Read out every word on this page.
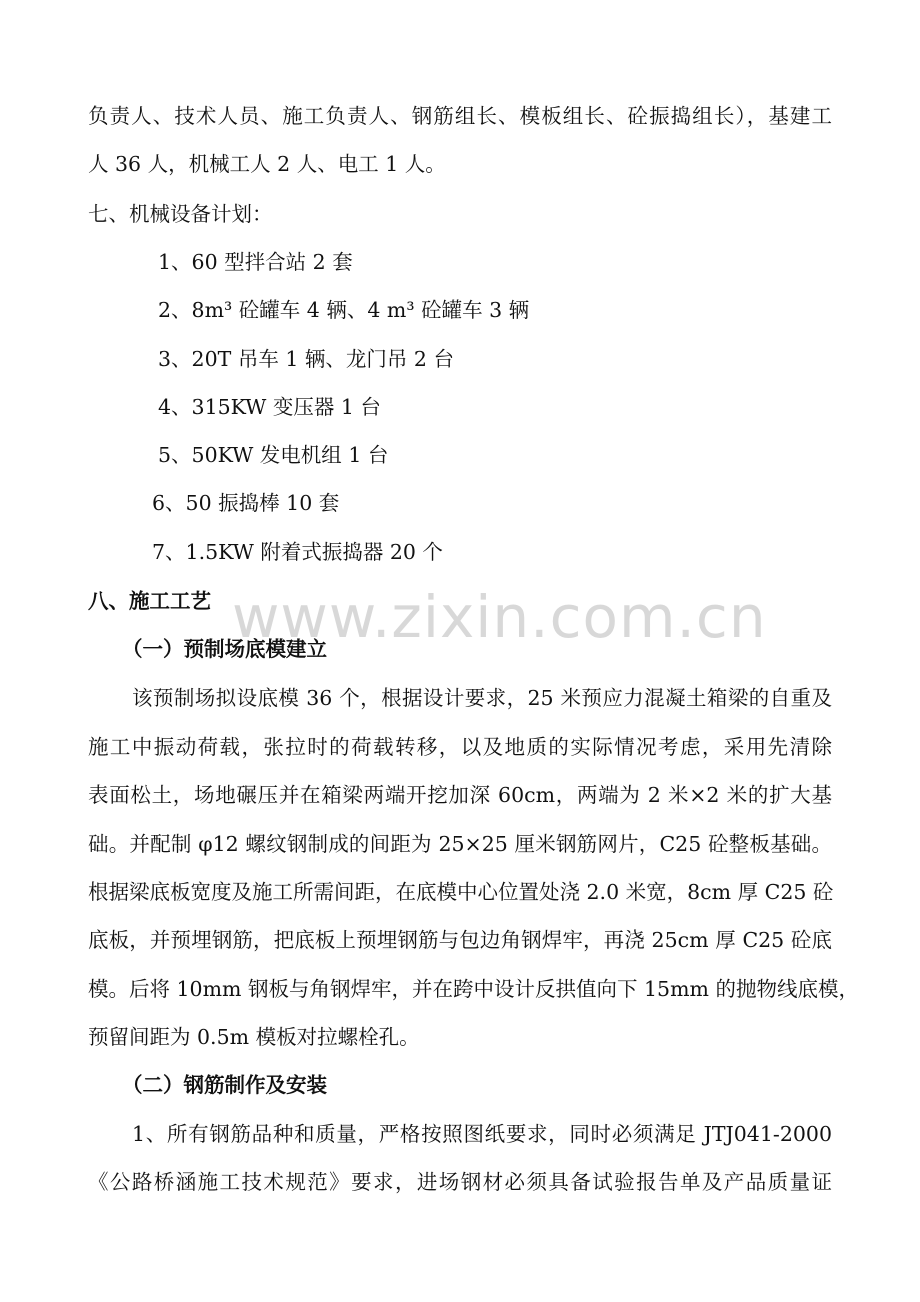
负责人、技术人员、施工负责人、钢筋组长、模板组长、砼振捣组长），基建工
人 36 人，机械工人 2 人、电工 1 人。
七、机械设备计划：
1、60 型拌合站 2 套
2、8m³ 砼罐车 4 辆、4 m³ 砼罐车 3 辆
3、20T 吊车 1 辆、龙门吊 2 台
4、315KW 变压器 1 台
5、50KW 发电机组 1 台
6、50 振捣棒 10 套
7、1.5KW 附着式振捣器 20 个
八、施工工艺 www.zixin.com.cn
（一）预制场底模建立
该预制场拟设底模 36 个，根据设计要求，25 米预应力混凝土箱梁的自重及
施工中振动荷载，张拉时的荷载转移，以及地质的实际情况考虑，采用先清除
表面松土，场地碾压并在箱梁两端开挖加深 60cm，两端为 2 米×2 米的扩大基
础。并配制 φ12 螺纹钢制成的间距为 25×25 厘米钢筋网片，C25 砼整板基础。
根据梁底板宽度及施工所需间距，在底模中心位置处浇 2.0 米宽，8cm 厚 C25 砼
底板，并预埋钢筋，把底板上预埋钢筋与包边角钢焊牢，再浇 25cm 厚 C25 砼底
模。后将 10mm 钢板与角钢焊牢，并在跨中设计反拱值向下 15mm 的抛物线底模，
预留间距为 0.5m 模板对拉螺栓孔。
（二）钢筋制作及安装
1、所有钢筋品种和质量，严格按照图纸要求，同时必须满足 JTJ041-2000
《公路桥涵施工技术规范》要求，进场钢材必须具备试验报告单及产品质量证
